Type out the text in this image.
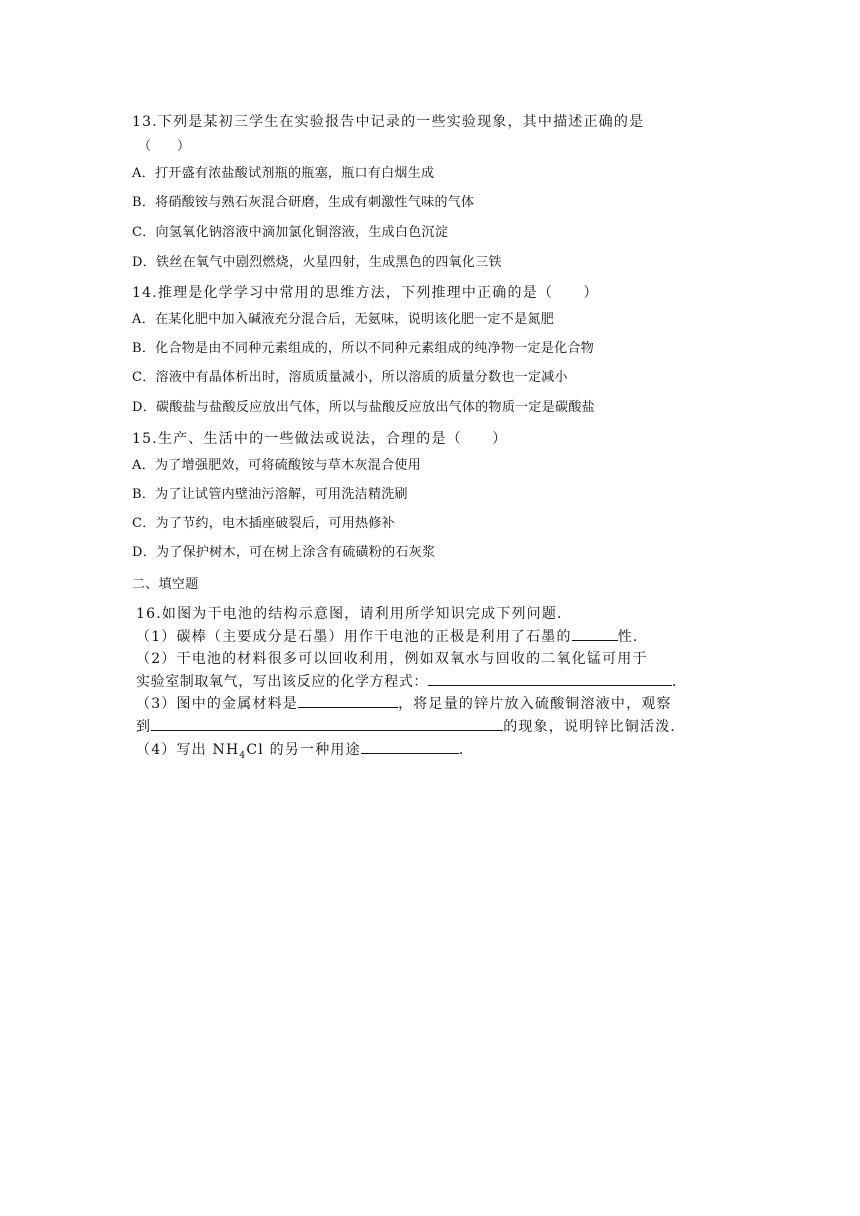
13.下列是某初三学生在实验报告中记录的一些实验现象，其中描述正确的是
（　　）
A．打开盛有浓盐酸试剂瓶的瓶塞，瓶口有白烟生成
B．将硝酸铵与熟石灰混合研磨，生成有刺激性气味的气体
C．向氢氧化钠溶液中滴加氯化铜溶液，生成白色沉淀
D．铁丝在氧气中剧烈燃烧，火星四射，生成黑色的四氧化三铁
14.推理是化学学习中常用的思维方法，下列推理中正确的是（　　）
A．在某化肥中加入碱液充分混合后，无氨味，说明该化肥一定不是氮肥
B．化合物是由不同种元素组成的，所以不同种元素组成的纯净物一定是化合物
C．溶液中有晶体析出时，溶质质量减小，所以溶质的质量分数也一定减小
D．碳酸盐与盐酸反应放出气体，所以与盐酸反应放出气体的物质一定是碳酸盐
15.生产、生活中的一些做法或说法，合理的是（　　）
A．为了增强肥效，可将硫酸铵与草木灰混合使用
B．为了让试管内壁油污溶解，可用洗洁精洗刷
C．为了节约，电木插座破裂后，可用热修补
D．为了保护树木，可在树上涂含有硫磺粉的石灰浆
二、填空题
16.如图为干电池的结构示意图，请利用所学知识完成下列问题．
（1）碳棒（主要成分是石墨）用作干电池的正极是利用了石墨的	性．
（2）干电池的材料很多可以回收利用，例如双氧水与回收的二氧化锰可用于
实验室制取氧气，写出该反应的化学方程式：	．
（3）图中的金属材料是	，将足量的锌片放入硫酸铜溶液中，观察
到	的现象，说明锌比铜活泼．
（4）写出 $NH_4Cl$ 的另一种用途	．
